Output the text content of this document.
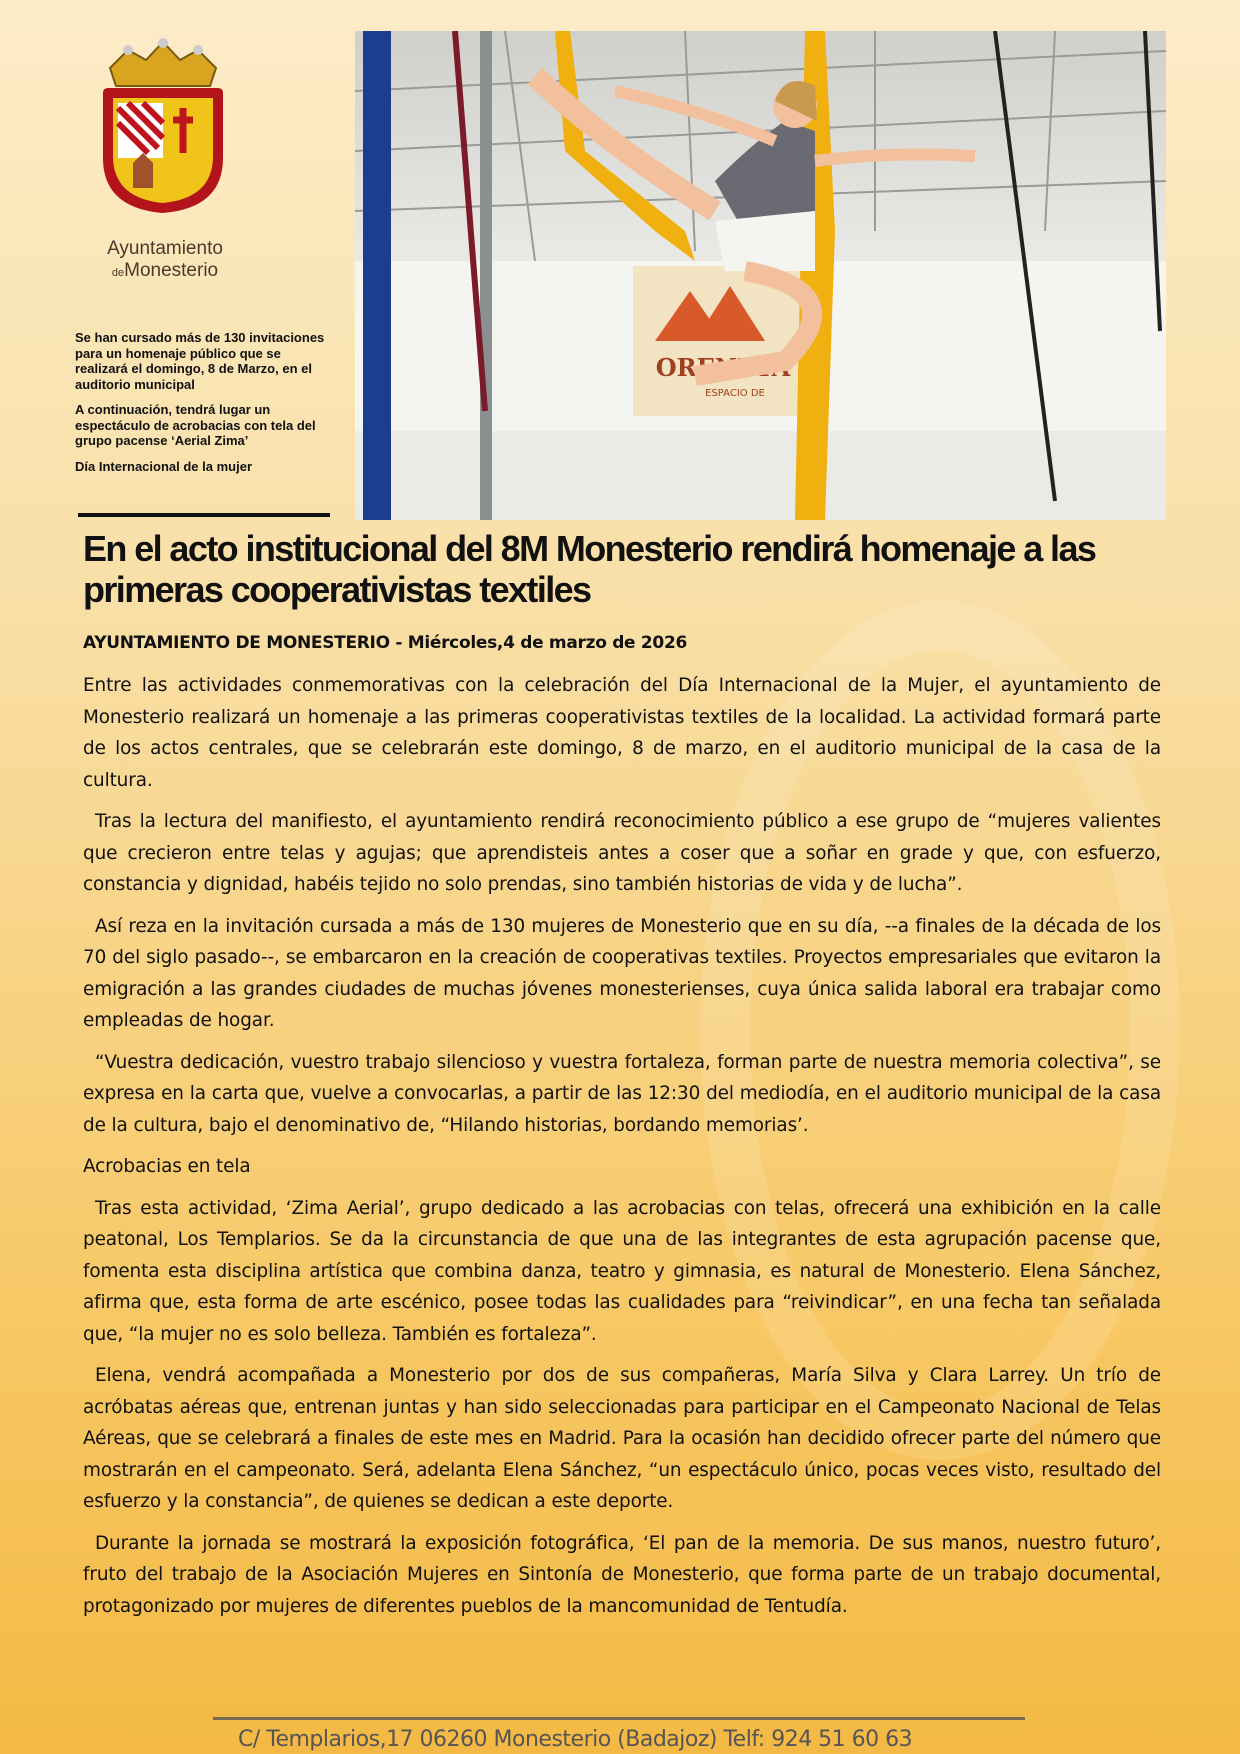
Ayuntamiento
deMonesterio
ORENETA
ESPACIO DE

Se han cursado más de 130 invitaciones para un homenaje público que se realizará el domingo, 8 de Marzo, en el auditorio municipal

A continuación, tendrá lugar un espectáculo de acrobacias con tela del grupo pacense ‘Aerial Zima’

Día Internacional de la mujer

En el acto institucional del 8M Monesterio rendirá homenaje a las primeras cooperativistas textiles
AYUNTAMIENTO DE MONESTERIO - Miércoles,4 de marzo de 2026

Entre las actividades conmemorativas con la celebración del Día Internacional de la Mujer, el ayuntamiento de Monesterio realizará un homenaje a las primeras cooperativistas textiles de la localidad. La actividad formará parte de los actos centrales, que se celebrarán este domingo, 8 de marzo, en el auditorio municipal de la casa de la cultura.

Tras la lectura del manifiesto, el ayuntamiento rendirá reconocimiento público a ese grupo de “mujeres valientes que crecieron entre telas y agujas; que aprendisteis antes a coser que a soñar en grade y que, con esfuerzo, constancia y dignidad, habéis tejido no solo prendas, sino también historias de vida y de lucha”.

Así reza en la invitación cursada a más de 130 mujeres de Monesterio que en su día, --a finales de la década de los 70 del siglo pasado--, se embarcaron en la creación de cooperativas textiles. Proyectos empresariales que evitaron la emigración a las grandes ciudades de muchas jóvenes monesterienses, cuya única salida laboral era trabajar como empleadas de hogar.

“Vuestra dedicación, vuestro trabajo silencioso y vuestra fortaleza, forman parte de nuestra memoria colectiva”, se expresa en la carta que, vuelve a convocarlas, a partir de las 12:30 del mediodía, en el auditorio municipal de la casa de la cultura, bajo el denominativo de, “Hilando historias, bordando memorias’.

Acrobacias en tela

Tras esta actividad, ‘Zima Aerial’, grupo dedicado a las acrobacias con telas, ofrecerá una exhibición en la calle peatonal, Los Templarios. Se da la circunstancia de que una de las integrantes de esta agrupación pacense que, fomenta esta disciplina artística que combina danza, teatro y gimnasia, es natural de Monesterio. Elena Sánchez, afirma que, esta forma de arte escénico, posee todas las cualidades para “reivindicar”, en una fecha tan señalada que, “la mujer no es solo belleza. También es fortaleza”.

Elena, vendrá acompañada a Monesterio por dos de sus compañeras, María Silva y Clara Larrey. Un trío de acróbatas aéreas que, entrenan juntas y han sido seleccionadas para participar en el Campeonato Nacional de Telas Aéreas, que se celebrará a finales de este mes en Madrid. Para la ocasión han decidido ofrecer parte del número que mostrarán en el campeonato. Será, adelanta Elena Sánchez, “un espectáculo único, pocas veces visto, resultado del esfuerzo y la constancia”, de quienes se dedican a este deporte.

Durante la jornada se mostrará la exposición fotográfica, ‘El pan de la memoria. De sus manos, nuestro futuro’, fruto del trabajo de la Asociación Mujeres en Sintonía de Monesterio, que forma parte de un trabajo documental, protagonizado por mujeres de diferentes pueblos de la mancomunidad de Tentudía.

C/ Templarios,17 06260 Monesterio (Badajoz) Telf: 924 51 60 63
